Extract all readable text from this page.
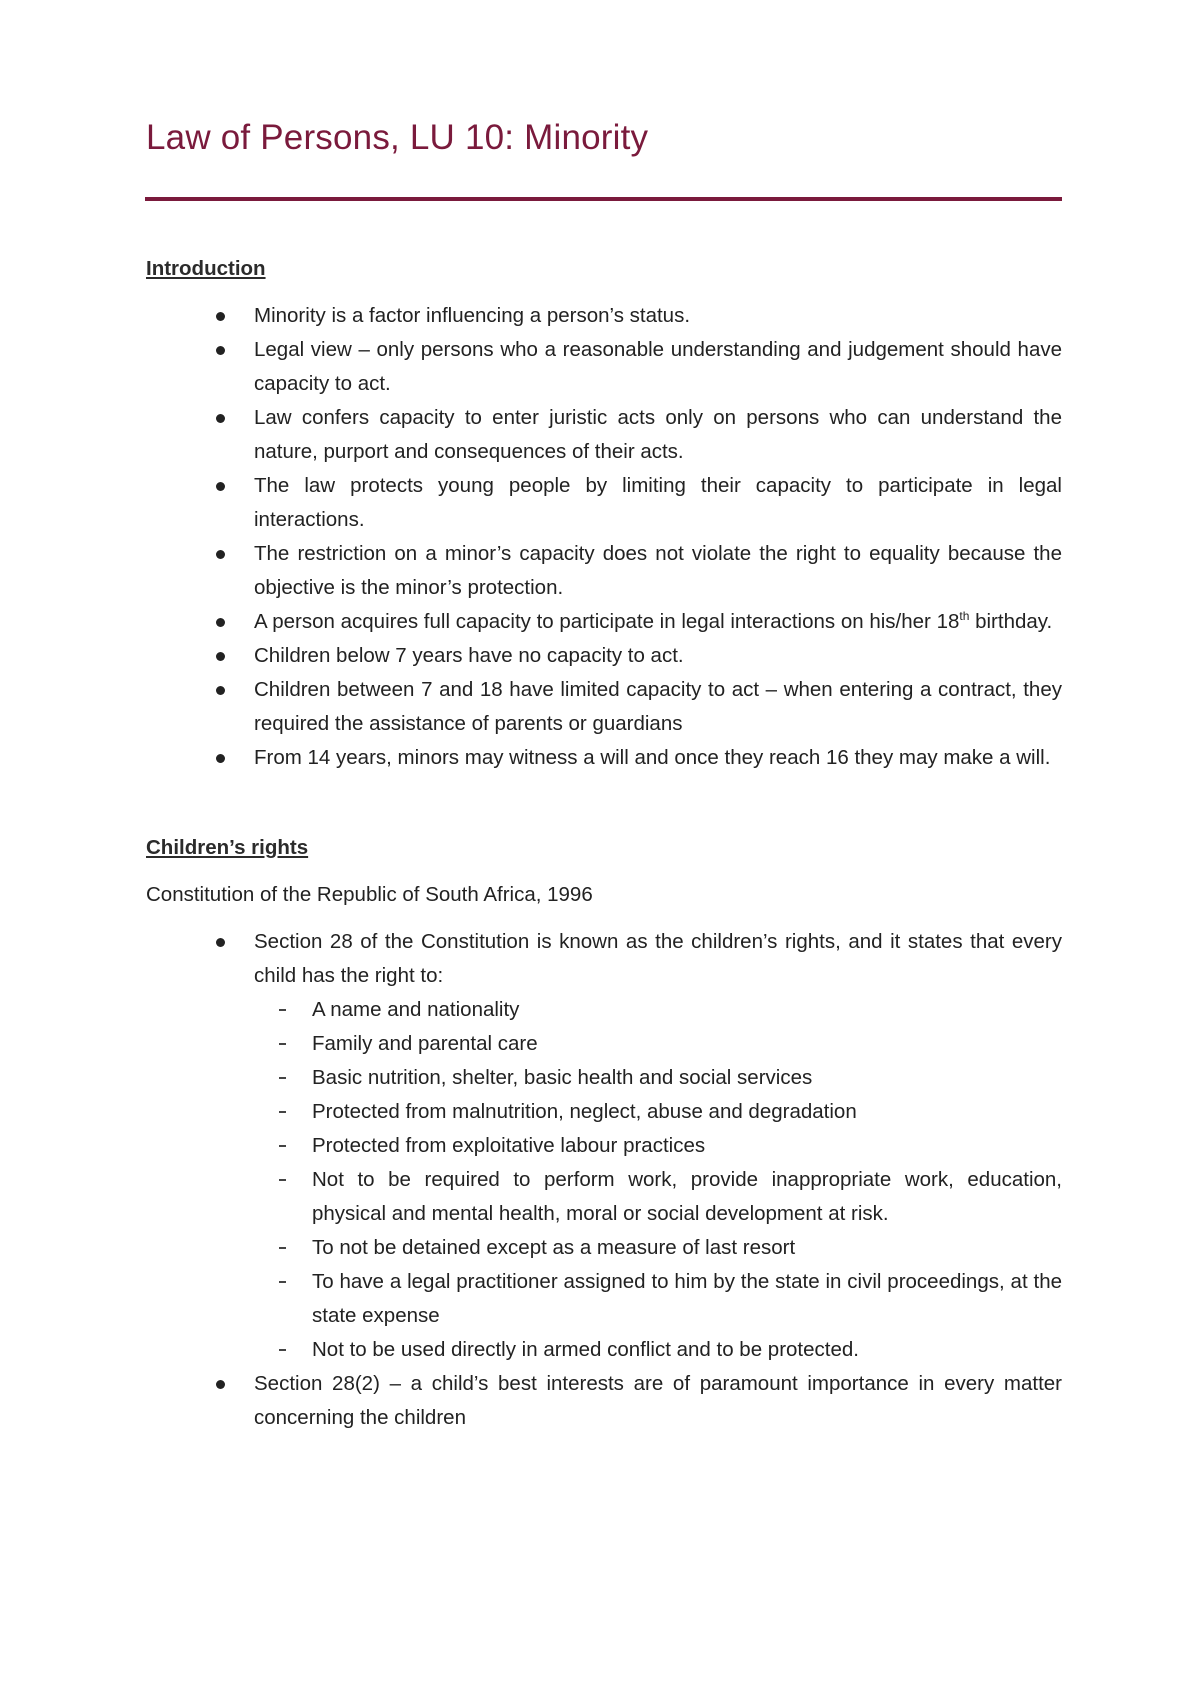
Law of Persons, LU 10: Minority
Introduction
Minority is a factor influencing a person’s status.
Legal view – only persons who a reasonable understanding and judgement should have capacity to act.
Law confers capacity to enter juristic acts only on persons who can understand the nature, purport and consequences of their acts.
The law protects young people by limiting their capacity to participate in legal interactions.
The restriction on a minor’s capacity does not violate the right to equality because the objective is the minor’s protection.
A person acquires full capacity to participate in legal interactions on his/her 18th birthday.
Children below 7 years have no capacity to act.
Children between 7 and 18 have limited capacity to act – when entering a contract, they required the assistance of parents or guardians
From 14 years, minors may witness a will and once they reach 16 they may make a will.
Children’s rights

Constitution of the Republic of South Africa, 1996

Section 28 of the Constitution is known as the children’s rights, and it states that every child has the right to:
A name and nationality
Family and parental care
Basic nutrition, shelter, basic health and social services
Protected from malnutrition, neglect, abuse and degradation
Protected from exploitative labour practices
Not to be required to perform work, provide inappropriate work, education, physical and mental health, moral or social development at risk.
To not be detained except as a measure of last resort
To have a legal practitioner assigned to him by the state in civil proceedings, at the state expense
Not to be used directly in armed conflict and to be protected.
Section 28(2) – a child’s best interests are of paramount importance in every matter concerning the children
